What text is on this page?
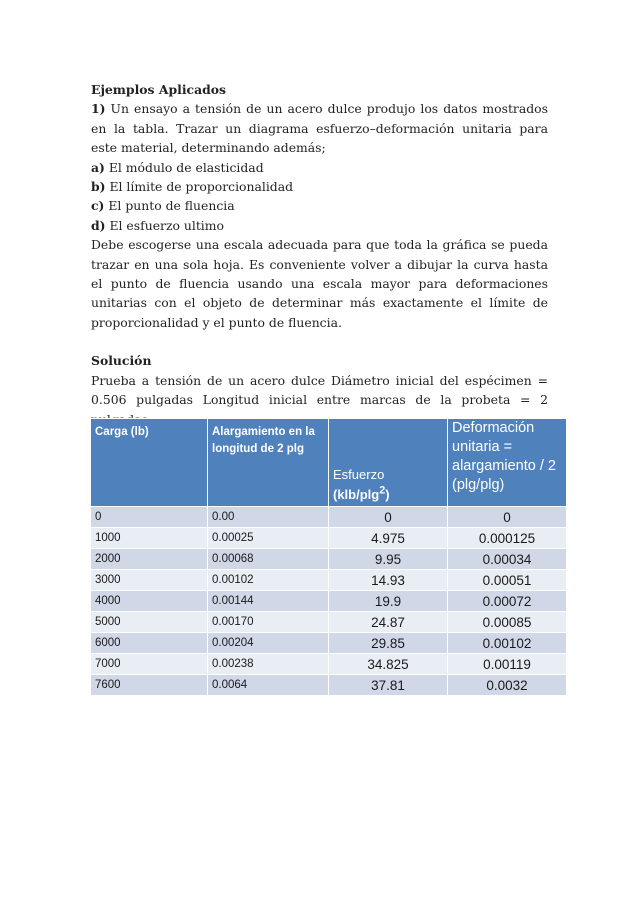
Ejemplos Aplicados

1) Un ensayo a tensión de un acero dulce produjo los datos mostrados en la tabla. Trazar un diagrama esfuerzo–deformación unitaria para este material, determinando además;

a) El módulo de elasticidad

b) El límite de proporcionalidad

c) El punto de fluencia

d) El esfuerzo ultimo

Debe escogerse una escala adecuada para que toda la gráfica se pueda trazar en una sola hoja. Es conveniente volver a dibujar la curva hasta el punto de fluencia usando una escala mayor para deformaciones unitarias con el objeto de determinar más exactamente el límite de proporcionalidad y el punto de fluencia.

Solución

Prueba a tensión de un acero dulce Diámetro inicial del espécimen = 0.506 pulgadas Longitud inicial entre marcas de la probeta = 2

Carga (lb)	Alargamiento en la longitud de 2 plg	Esfuerzo (klb/plg$^2$)	Deformación unitaria = alargamiento / 2 (plg/plg)
0	0.00	0	0
1000	0.00025	4.975	0.000125
2000	0.00068	9.95	0.00034
3000	0.00102	14.93	0.00051
4000	0.00144	19.9	0.00072
5000	0.00170	24.87	0.00085
6000	0.00204	29.85	0.00102
7000	0.00238	34.825	0.00119
7600	0.0064	37.81	0.0032
